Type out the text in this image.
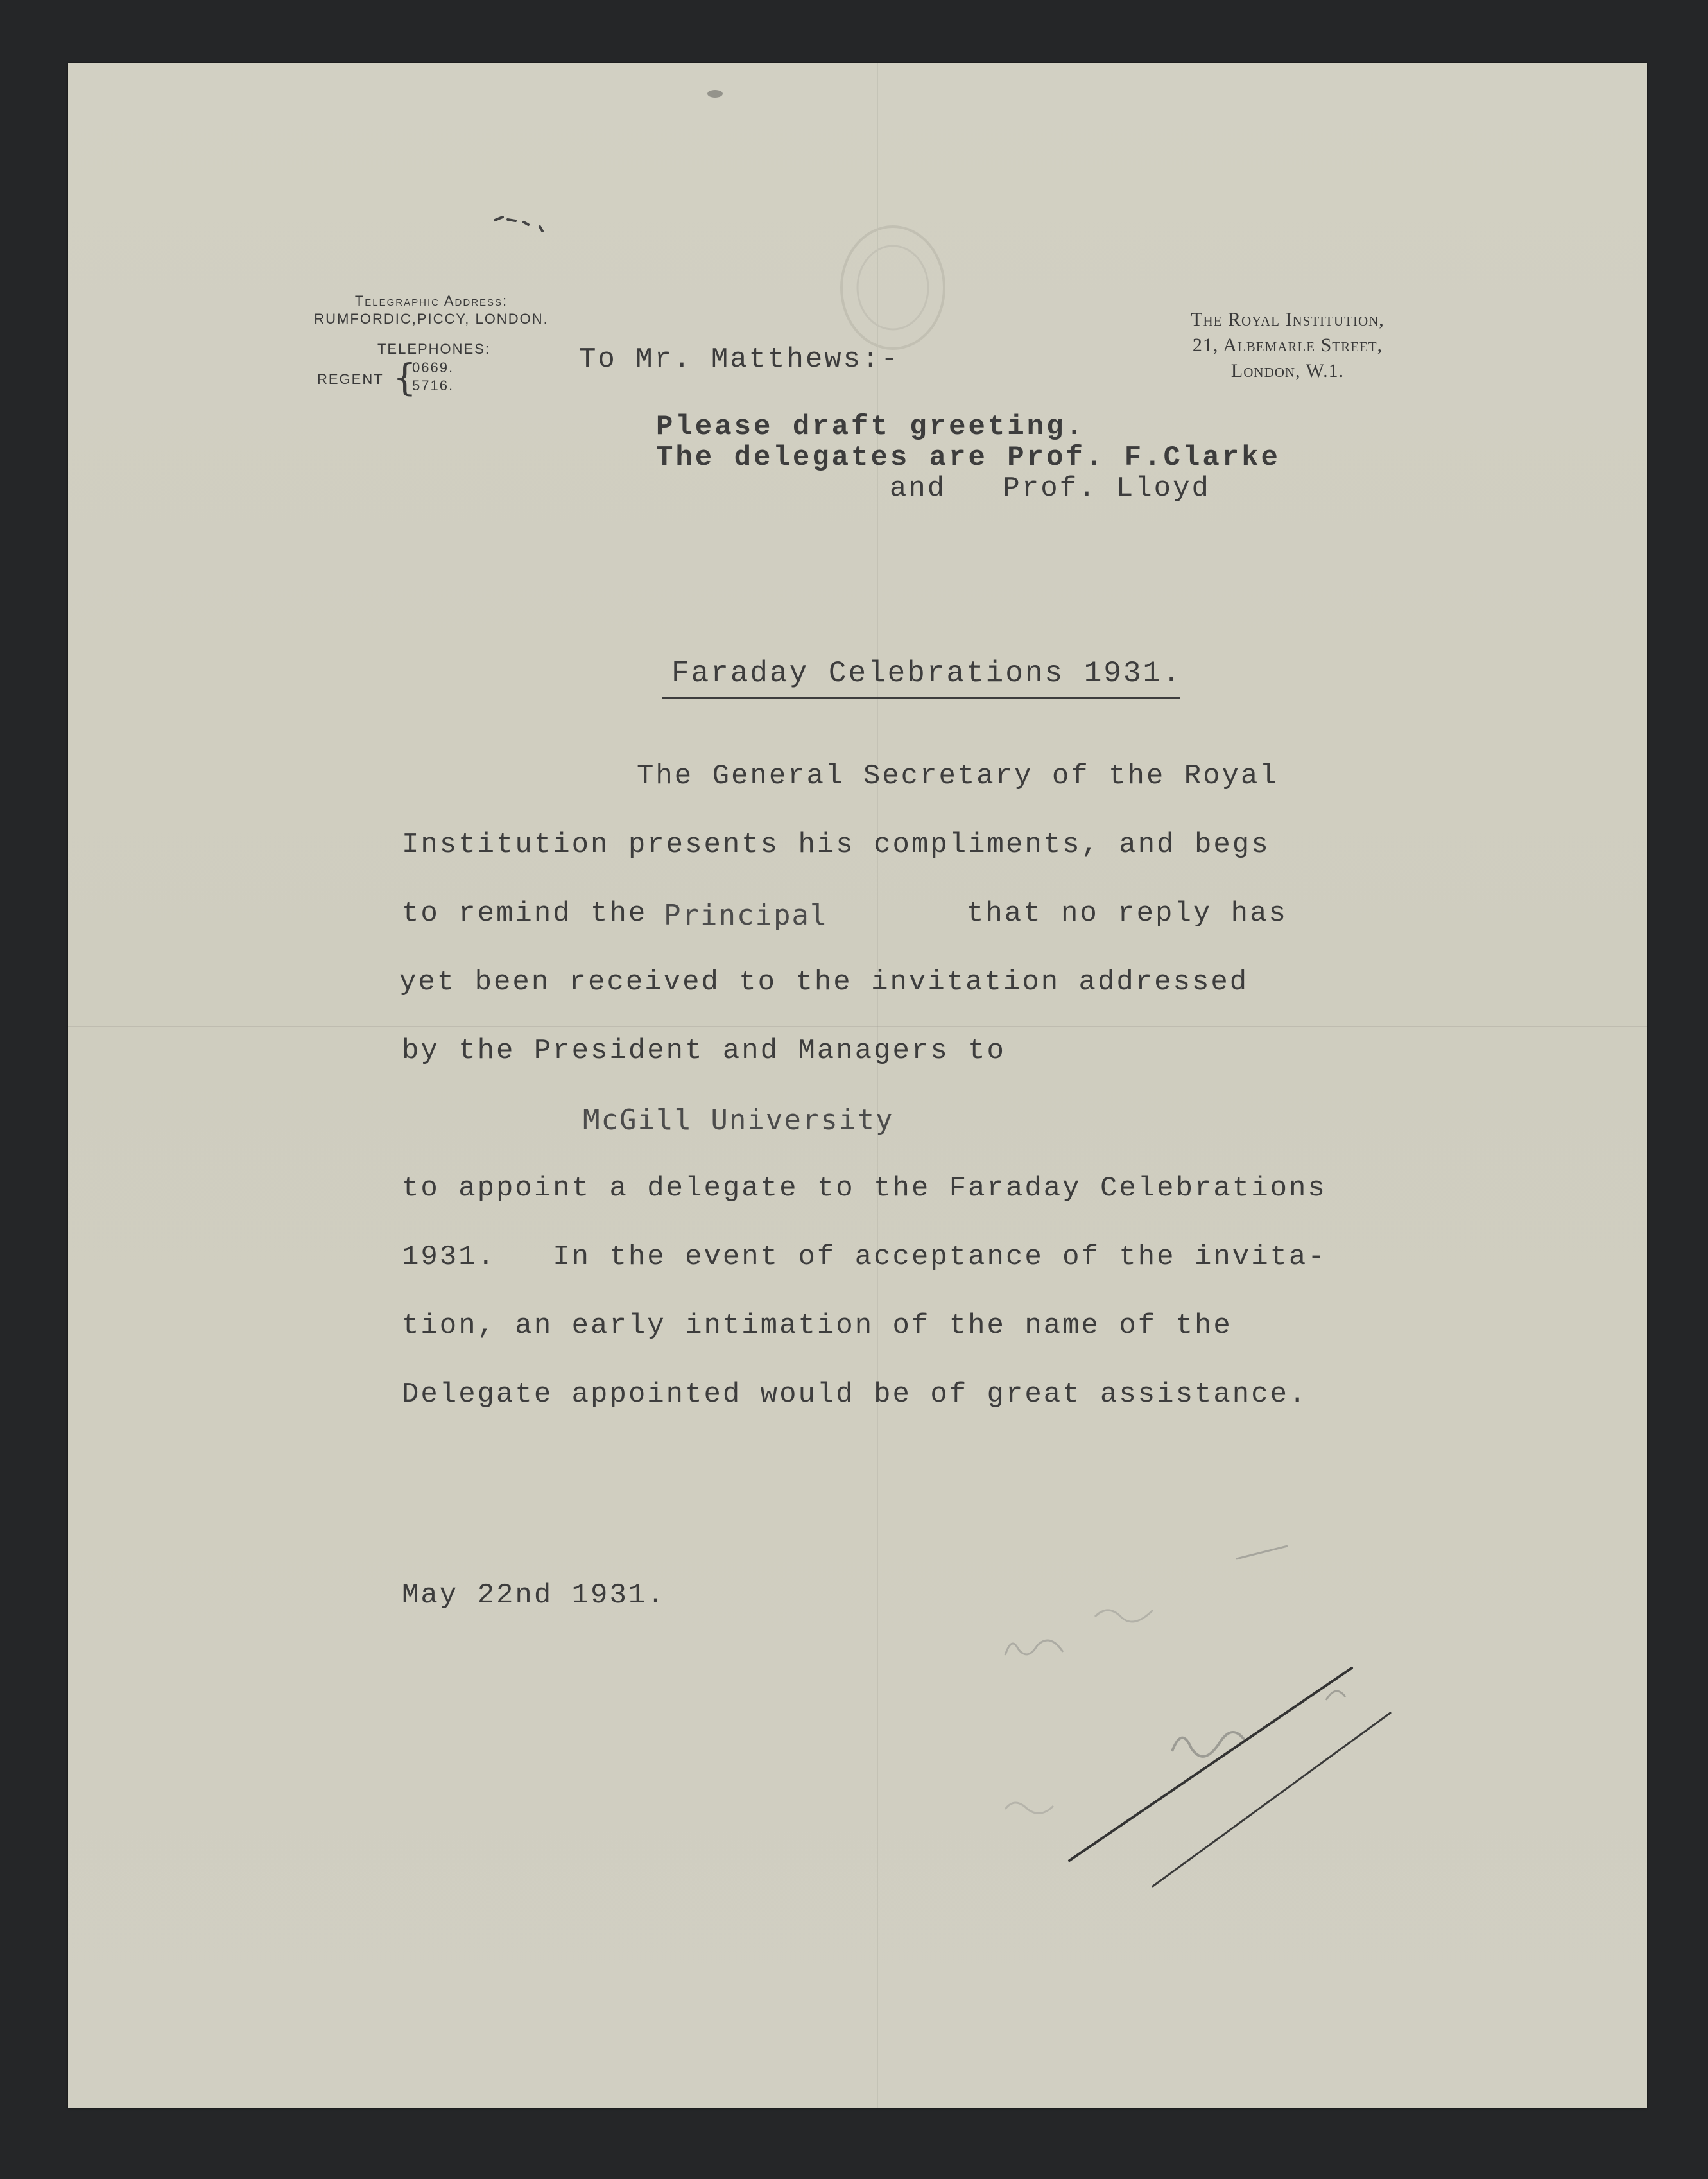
Telegraphic Address:
RUMFORDIC,PICCY, LONDON.
TELEPHONES:
REGENT {
0669.
5716.
The Royal Institution,
21, Albemarle Street,
London, W.1.
To Mr. Matthews:-
Please draft greeting.
The delegates are Prof. F.Clarke
and   Prof. Lloyd
Faraday Celebrations 1931.
The General Secretary of the Royal
Institution presents his compliments, and begs
to remind the Principal	that no reply has
yet been received to the invitation addressed
by the President and Managers to
McGill University
to appoint a delegate to the Faraday Celebrations
1931.   In the event of acceptance of the invita-
tion, an early intimation of the name of the
Delegate appointed would be of great assistance.
May 22nd 1931.
